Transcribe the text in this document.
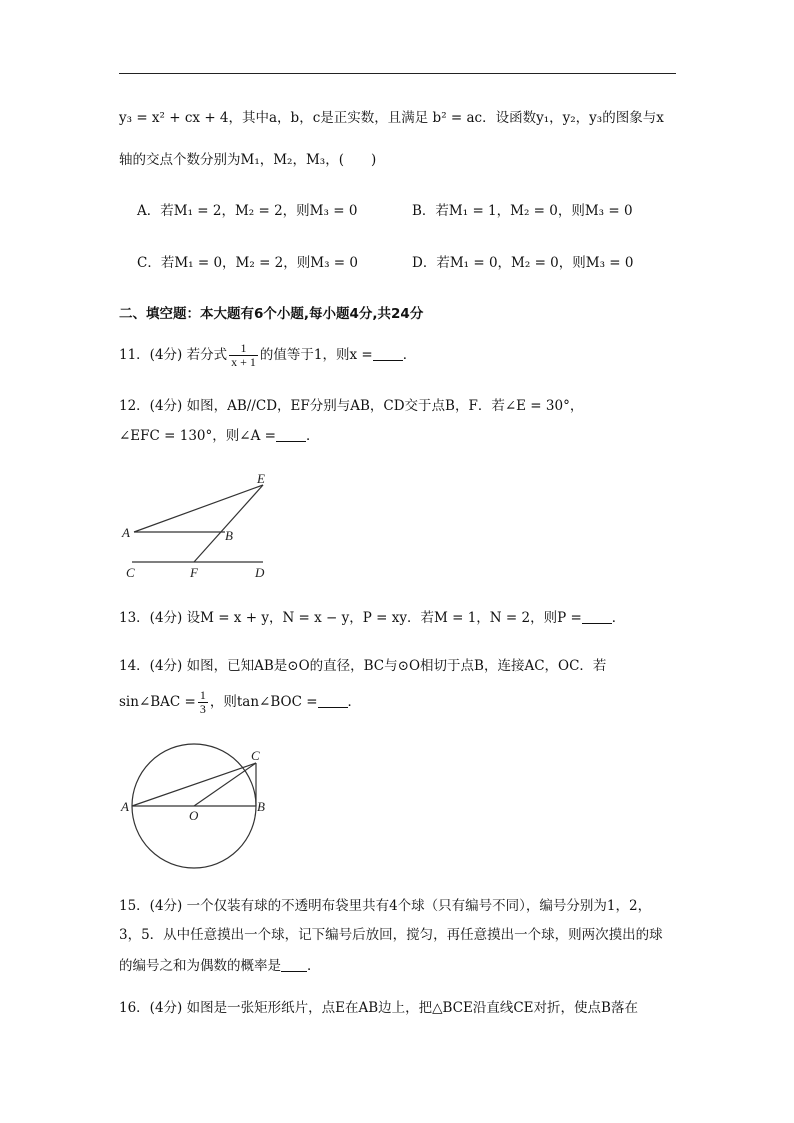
y₃ = x² + cx + 4，其中a，b，c是正实数，且满足 b² = ac．设函数y₁，y₂，y₃的图象与x
轴的交点个数分别为M₁，M₂，M₃，(　　)
A．若M₁ = 2，M₂ = 2，则M₃ = 0	B．若M₁ = 1，M₂ = 0，则M₃ = 0
C．若M₁ = 0，M₂ = 2，则M₃ = 0	D．若M₁ = 0，M₂ = 0，则M₃ = 0
二、填空题：本大题有6个小题,每小题4分,共24分
11．(4分) 若分式 $\frac{1}{x + 1}$ 的值等于1，则x = ．
12．(4分) 如图，AB//CD，EF分别与AB，CD交于点B，F．若∠E = 30°，
∠EFC = 130°，则∠A = ．
E
A	B
C	F	D
13．(4分) 设M = x + y，N = x − y，P = xy．若M = 1，N = 2，则P = ．
14．(4分) 如图，已知AB是⊙O的直径，BC与⊙O相切于点B，连接AC，OC．若
sin∠BAC = $\frac{1}{3}$ ，则tan∠BOC = ．
C
A
O
B
15．(4分) 一个仅装有球的不透明布袋里共有4个球（只有编号不同），编号分别为1，2，
3，5．从中任意摸出一个球，记下编号后放回，搅匀，再任意摸出一个球，则两次摸出的球
的编号之和为偶数的概率是 ．
16．(4分) 如图是一张矩形纸片，点E在AB边上，把△BCE沿直线CE对折，使点B落在
